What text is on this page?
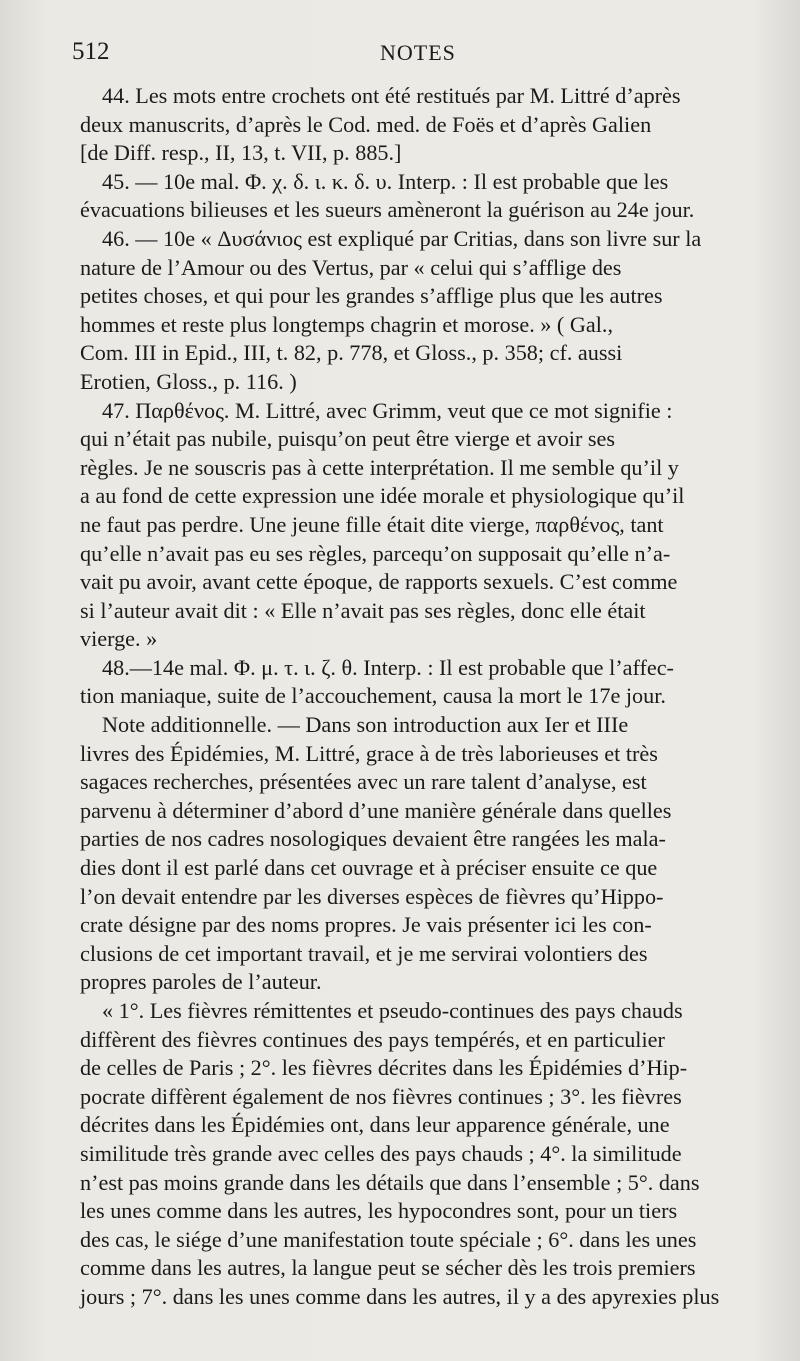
512	NOTES
44. Les mots entre crochets ont été restitués par M. Littré d’après
deux manuscrits, d’après le Cod. med. de Foës et d’après Galien
[de Diff. resp., II, 13, t. VII, p. 885.]
45. — 10e mal. Φ. χ. δ. ι. κ. δ. υ. Interp. : Il est probable que les
évacuations bilieuses et les sueurs amèneront la guérison au 24e jour.
46. — 10e « Δυσάνιος est expliqué par Critias, dans son livre sur la
nature de l’Amour ou des Vertus, par « celui qui s’afflige des
petites choses, et qui pour les grandes s’afflige plus que les autres
hommes et reste plus longtemps chagrin et morose. » ( Gal.,
Com. III in Epid., III, t. 82, p. 778, et Gloss., p. 358; cf. aussi
Erotien, Gloss., p. 116. )
47. Παρθένος. M. Littré, avec Grimm, veut que ce mot signifie :
qui n’était pas nubile, puisqu’on peut être vierge et avoir ses
règles. Je ne souscris pas à cette interprétation. Il me semble qu’il y
a au fond de cette expression une idée morale et physiologique qu’il
ne faut pas perdre. Une jeune fille était dite vierge, παρθένος, tant
qu’elle n’avait pas eu ses règles, parcequ’on supposait qu’elle n’a-
vait pu avoir, avant cette époque, de rapports sexuels. C’est comme
si l’auteur avait dit : « Elle n’avait pas ses règles, donc elle était
vierge. »
48.—14e mal. Φ. μ. τ. ι. ζ. θ. Interp. : Il est probable que l’affec-
tion maniaque, suite de l’accouchement, causa la mort le 17e jour.
Note additionnelle. — Dans son introduction aux Ier et IIIe
livres des Épidémies, M. Littré, grace à de très laborieuses et très
sagaces recherches, présentées avec un rare talent d’analyse, est
parvenu à déterminer d’abord d’une manière générale dans quelles
parties de nos cadres nosologiques devaient être rangées les mala-
dies dont il est parlé dans cet ouvrage et à préciser ensuite ce que
l’on devait entendre par les diverses espèces de fièvres qu’Hippo-
crate désigne par des noms propres. Je vais présenter ici les con-
clusions de cet important travail, et je me servirai volontiers des
propres paroles de l’auteur.
« 1°. Les fièvres rémittentes et pseudo-continues des pays chauds
diffèrent des fièvres continues des pays tempérés, et en particulier
de celles de Paris ; 2°. les fièvres décrites dans les Épidémies d’Hip-
pocrate diffèrent également de nos fièvres continues ; 3°. les fièvres
décrites dans les Épidémies ont, dans leur apparence générale, une
similitude très grande avec celles des pays chauds ; 4°. la similitude
n’est pas moins grande dans les détails que dans l’ensemble ; 5°. dans
les unes comme dans les autres, les hypocondres sont, pour un tiers
des cas, le siége d’une manifestation toute spéciale ; 6°. dans les unes
comme dans les autres, la langue peut se sécher dès les trois premiers
jours ; 7°. dans les unes comme dans les autres, il y a des apyrexies plus
